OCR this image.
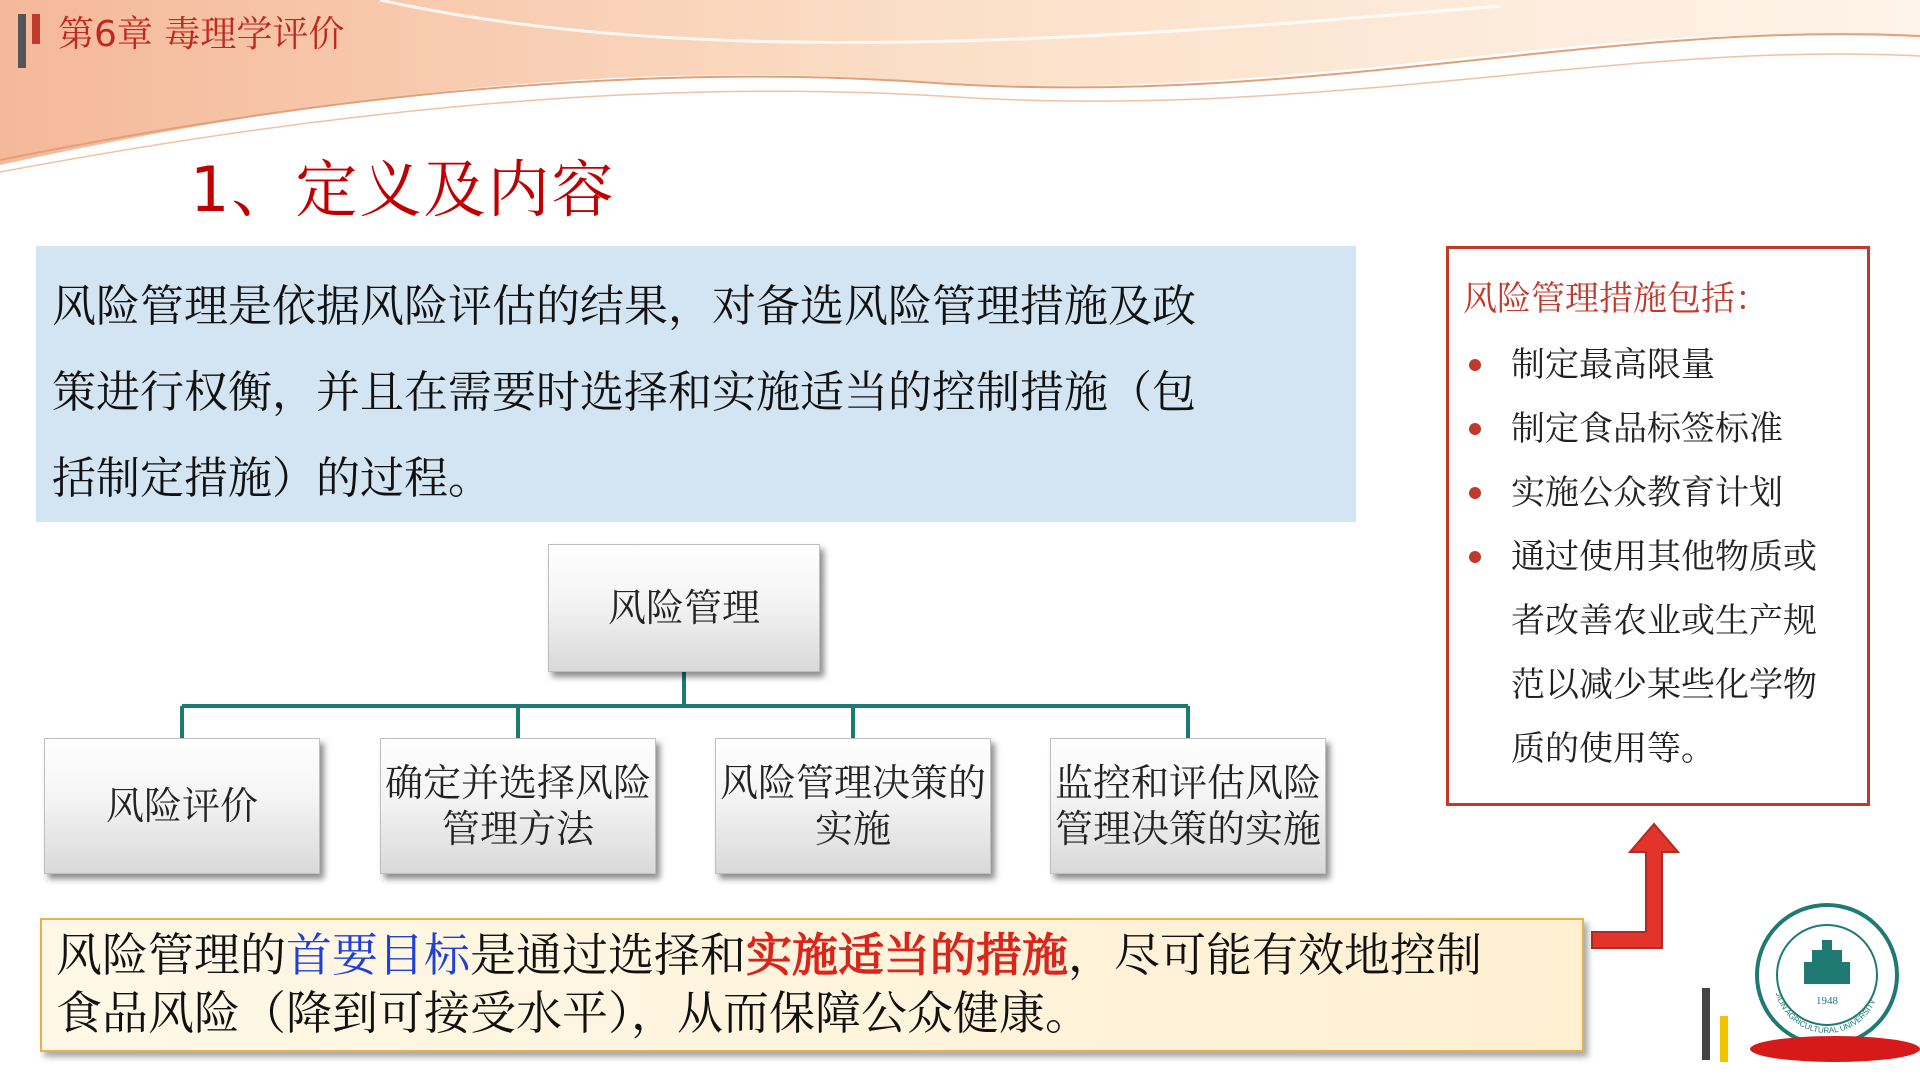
第6章 毒理学评价
1、定义及内容
风险管理是依据风险评估的结果，对备选风险管理措施及政
策进行权衡，并且在需要时选择和实施适当的控制措施（包
括制定措施）的过程。
风险管理
风险评价
确定并选择风险
管理方法
风险管理决策的
实施
监控和评估风险
管理决策的实施
风险管理措施包括：
制定最高限量
制定食品标签标准
实施公众教育计划
通过使用其他物质或者改善农业或生产规范以减少某些化学物质的使用等。
风险管理的首要目标是通过选择和实施适当的措施，尽可能有效地控制
食品风险（降到可接受水平），从而保障公众健康。	1948
JILIN AGRICULTURAL UNIVERSITY
